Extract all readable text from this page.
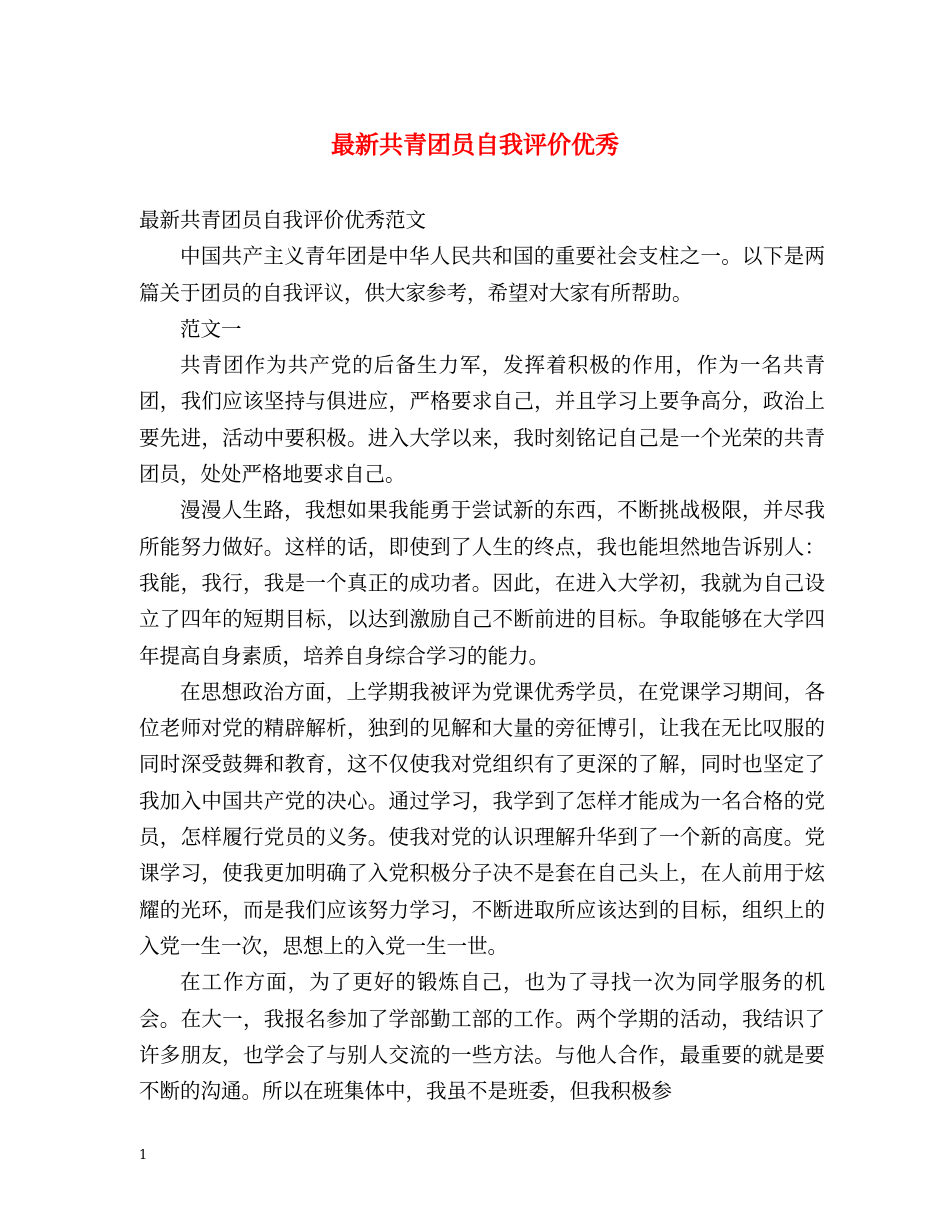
最新共青团员自我评价优秀

最新共青团员自我评价优秀范文

中国共产主义青年团是中华人民共和国的重要社会支柱之一。以下是两篇关于团员的自我评议，供大家参考，希望对大家有所帮助。

范文一

共青团作为共产党的后备生力军，发挥着积极的作用，作为一名共青团，我们应该坚持与俱进应，严格要求自己，并且学习上要争高分，政治上要先进，活动中要积极。进入大学以来，我时刻铭记自己是一个光荣的共青团员，处处严格地要求自己。

漫漫人生路，我想如果我能勇于尝试新的东西，不断挑战极限，并尽我所能努力做好。这样的话，即使到了人生的终点，我也能坦然地告诉别人：我能，我行，我是一个真正的成功者。因此，在进入大学初，我就为自己设立了四年的短期目标，以达到激励自己不断前进的目标。争取能够在大学四年提高自身素质，培养自身综合学习的能力。

在思想政治方面，上学期我被评为党课优秀学员，在党课学习期间，各位老师对党的精辟解析，独到的见解和大量的旁征博引，让我在无比叹服的同时深受鼓舞和教育，这不仅使我对党组织有了更深的了解，同时也坚定了我加入中国共产党的决心。通过学习，我学到了怎样才能成为一名合格的党员，怎样履行党员的义务。使我对党的认识理解升华到了一个新的高度。党课学习，使我更加明确了入党积极分子决不是套在自己头上，在人前用于炫耀的光环，而是我们应该努力学习，不断进取所应该达到的目标，组织上的入党一生一次，思想上的入党一生一世。

在工作方面，为了更好的锻炼自己，也为了寻找一次为同学服务的机会。在大一，我报名参加了学部勤工部的工作。两个学期的活动，我结识了许多朋友，也学会了与别人交流的一些方法。与他人合作，最重要的就是要不断的沟通。所以在班集体中，我虽不是班委，但我积极参

1
